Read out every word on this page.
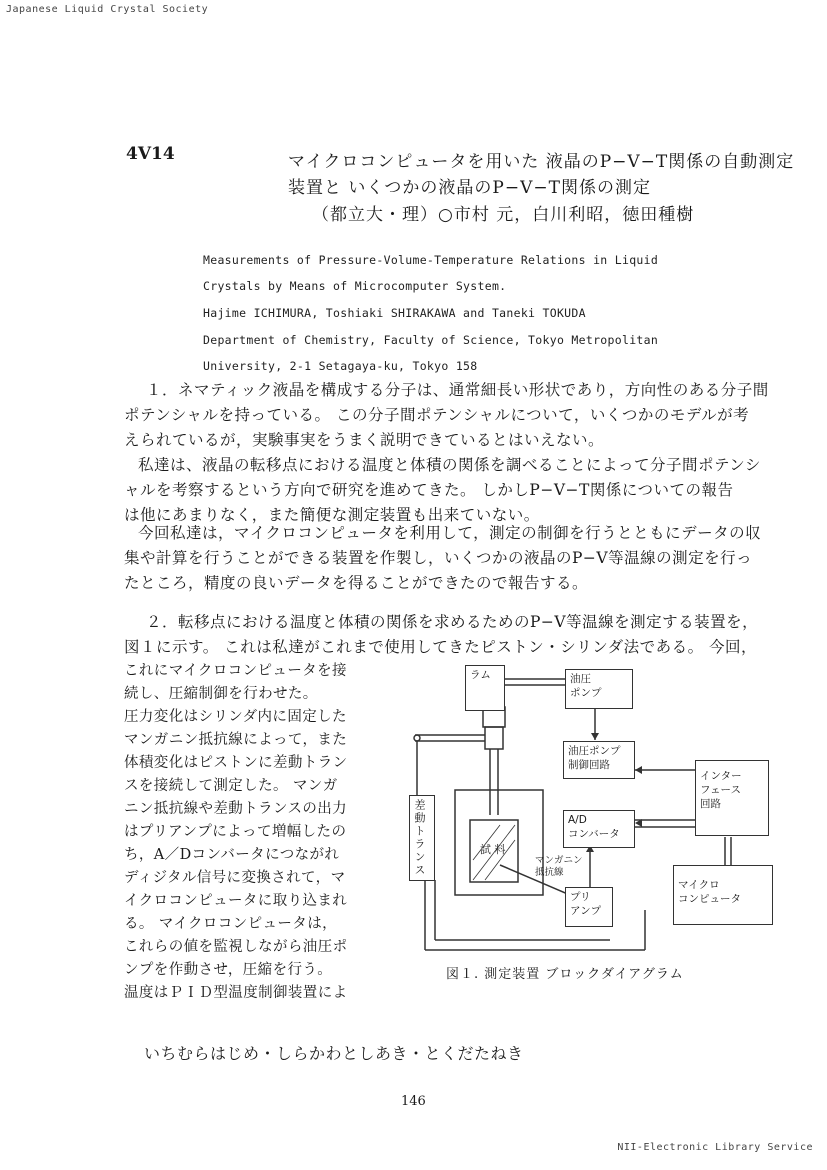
Japanese Liquid Crystal Society
NII-Electronic Library Service
146
4V14	マイクロコンピュータを用いた 液晶のP−V−T関係の自動測定
装置と いくつかの液晶のP−V−T関係の測定
（都立大・理）○市村 元，白川利昭，徳田種樹
Measurements of Pressure-Volume-Temperature Relations in Liquid
Crystals by Means of Microcomputer System.
Hajime ICHIMURA, Toshiaki SHIRAKAWA and Taneki TOKUDA
Department of Chemistry, Faculty of Science, Tokyo Metropolitan
University, 2-1 Setagaya-ku, Tokyo 158
１．ネマティック液晶を構成する分子は、通常細長い形状であり，方向性のある分子間
ポテンシャルを持っている。 この分子間ポテンシャルについて，いくつかのモデルが考
えられているが，実験事実をうまく説明できているとはいえない。
私達は、液晶の転移点における温度と体積の関係を調べることによって分子間ポテンシ
ャルを考察するという方向で研究を進めてきた。 しかしP−V−T関係についての報告
は他にあまりなく，また簡便な測定装置も出来ていない。
今回私達は，マイクロコンピュータを利用して，測定の制御を行うとともにデータの収
集や計算を行うことができる装置を作製し，いくつかの液晶のP−V等温線の測定を行っ
たところ，精度の良いデータを得ることができたので報告する。
２．転移点における温度と体積の関係を求めるためのP−V等温線を測定する装置を，
図１に示す。 これは私達がこれまで使用してきたピストン・シリンダ法である。 今回，
これにマイクロコンピュータを接
続し、圧縮制御を行わせた。
圧力変化はシリンダ内に固定した
マンガニン抵抗線によって，また
体積変化はピストンに差動トラン
スを接続して測定した。 マンガ
ニン抵抗線や差動トランスの出力
はプリアンプによって増幅したの
ち，A／Dコンバータにつながれ
ディジタル信号に変換されて，マ
イクロコンピュータに取り込まれ
る。 マイクロコンピュータは，
これらの値を監視しながら油圧ポ
ンプを作動させ，圧縮を行う。
温度はＰＩＤ型温度制御装置によ
ラム	油圧
ポンプ
油圧ポンプ
制御回路
インター
フェース
回路
A/D
コンバータ
マイクロ
コンピュータ
プリ
アンプ
差動トランス	試 料
マンガニン
抵抗線
図１. 測定装置 ブロックダイアグラム
いちむらはじめ・しらかわとしあき・とくだたねき
